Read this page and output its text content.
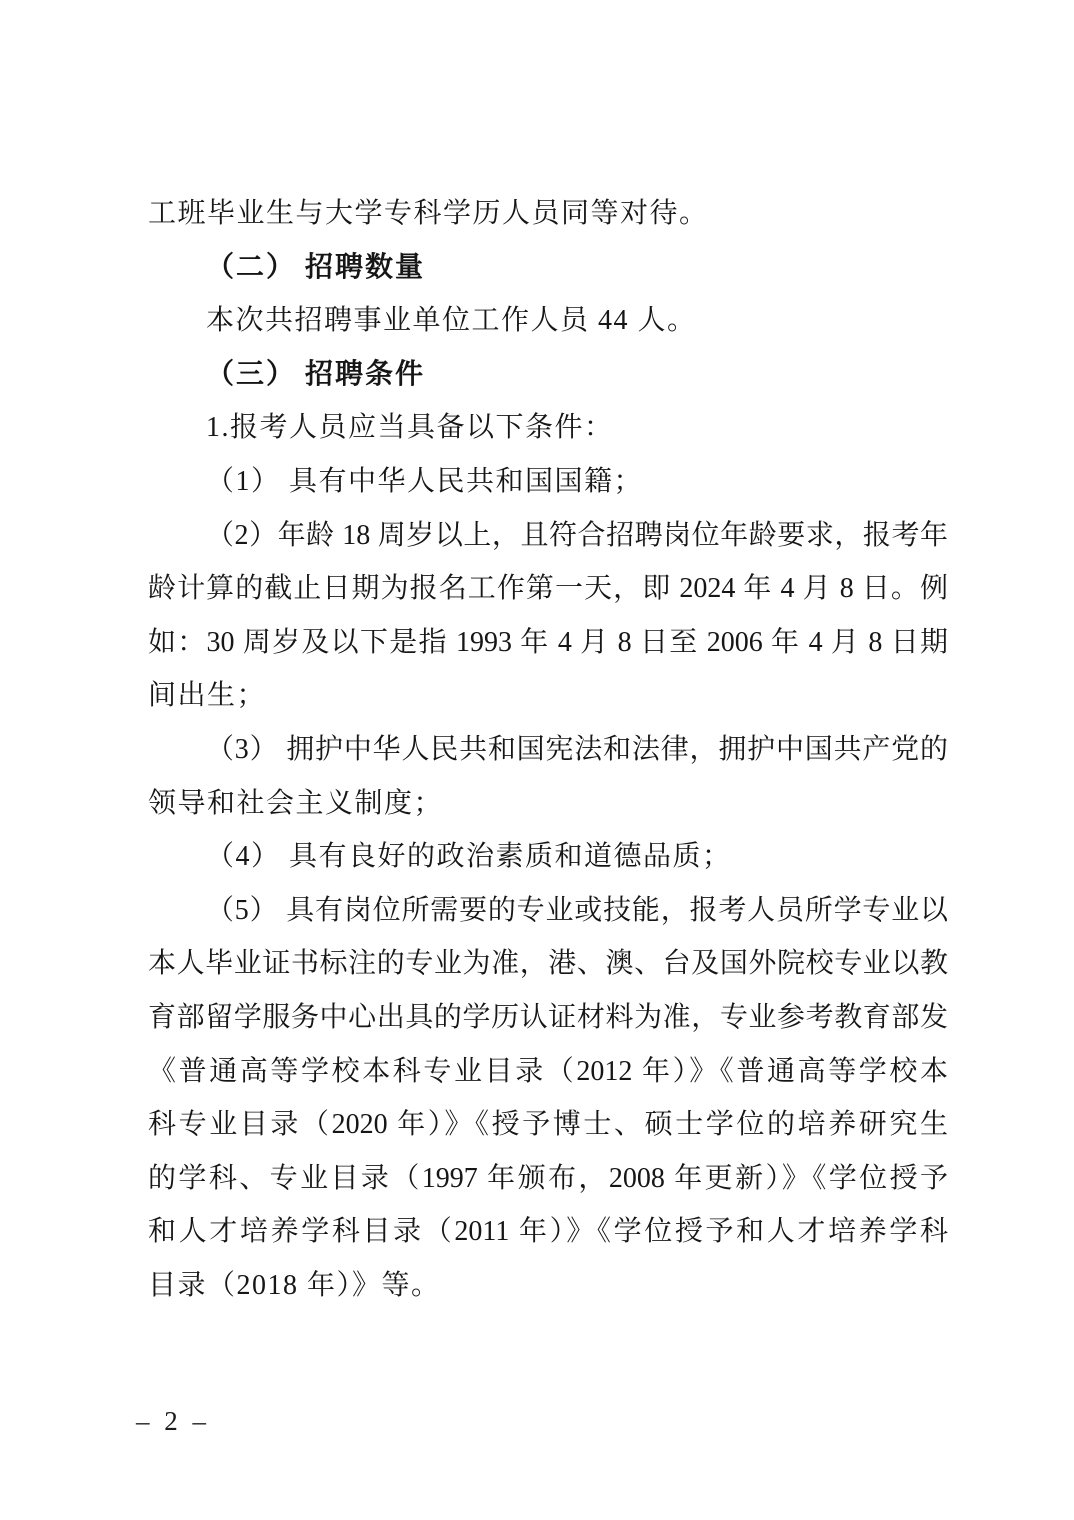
工班毕业生与大学专科学历人员同等对待。
（二） 招聘数量
本次共招聘事业单位工作人员 44 人。
（三） 招聘条件
1.报考人员应当具备以下条件：
（1） 具有中华人民共和国国籍；
（2）年龄 18 周岁以上，且符合招聘岗位年龄要求，报考年
龄计算的截止日期为报名工作第一天，即 2024 年 4 月 8 日。例
如：30 周岁及以下是指 1993 年 4 月 8 日至 2006 年 4 月 8 日期
间出生；
（3） 拥护中华人民共和国宪法和法律，拥护中国共产党的
领导和社会主义制度；
（4） 具有良好的政治素质和道德品质；
（5） 具有岗位所需要的专业或技能，报考人员所学专业以
本人毕业证书标注的专业为准，港、澳、台及国外院校专业以教
育部留学服务中心出具的学历认证材料为准，专业参考教育部发
《普通高等学校本科专业目录（2012 年）》《普通高等学校本
科专业目录（2020 年）》《授予博士、硕士学位的培养研究生
的学科、专业目录（1997 年颁布，2008 年更新）》《学位授予
和人才培养学科目录（2011 年）》《学位授予和人才培养学科
目录（2018 年）》等。
– 2 –
